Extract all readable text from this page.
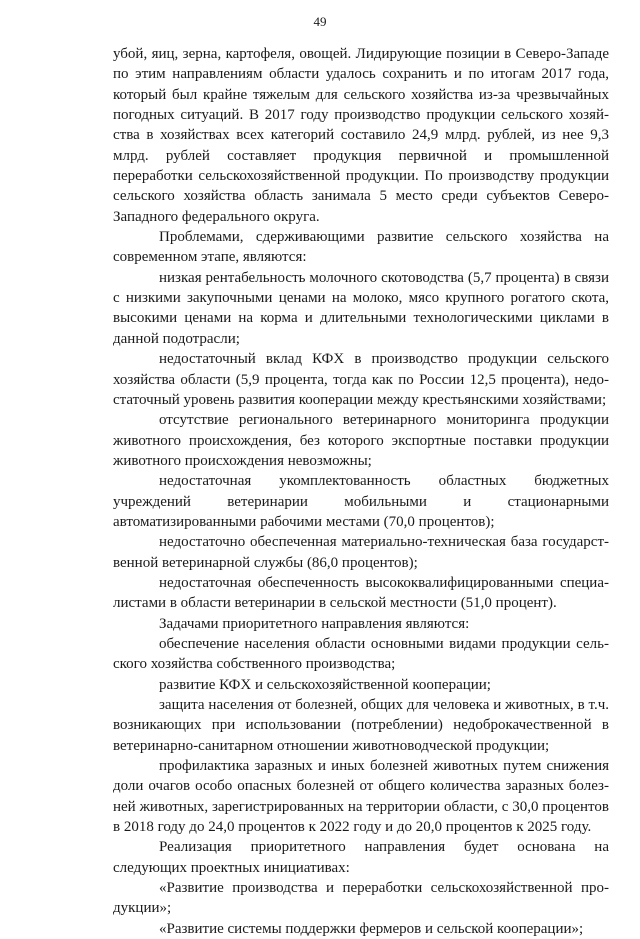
49

убой, яиц, зерна, картофеля, овощей. Лидирующие позиции в Северо-Западе по этим направлениям области удалось сохранить и по итогам 2017 года, который был крайне тяжелым для сельского хозяйства из-за чрезвычайных погодных ситуаций. В 2017 году производство продукции сельского хозяйства в хозяйствах всех категорий составило 24,9 млрд. рублей, из нее 9,3 млрд. рублей составляет продукция первичной и промышленной переработки сельскохозяйственной продукции. По производству продукции сельского хозяйства область занимала 5 место среди субъектов Северо-Западного федерального округа.

Проблемами, сдерживающими развитие сельского хозяйства на современном этапе, являются:

низкая рентабельность молочного скотоводства (5,7 процента) в связи с низкими закупочными ценами на молоко, мясо крупного рогатого скота, высокими ценами на корма и длительными технологическими циклами в данной подотрасли;

недостаточный вклад КФХ в производство продукции сельского хозяйства области (5,9 процента, тогда как по России 12,5 процента), недостаточный уровень развития кооперации между крестьянскими хозяйствами;

отсутствие регионального ветеринарного мониторинга продукции животного происхождения, без которого экспортные поставки продукции животного происхождения невозможны;

недостаточная укомплектованность областных бюджетных учреждений ветеринарии мобильными и стационарными автоматизированными рабочими местами (70,0 процентов);

недостаточно обеспеченная материально-техническая база государственной ветеринарной службы (86,0 процентов);

недостаточная обеспеченность высококвалифицированными специалистами в области ветеринарии в сельской местности (51,0 процент).

Задачами приоритетного направления являются:

обеспечение населения области основными видами продукции сельского хозяйства собственного производства;

развитие КФХ и сельскохозяйственной кооперации;

защита населения от болезней, общих для человека и животных, в т.ч. возникающих при использовании (потреблении) недоброкачественной в ветеринарно-санитарном отношении животноводческой продукции;

профилактика заразных и иных болезней животных путем снижения доли очагов особо опасных болезней от общего количества заразных болезней животных, зарегистрированных на территории области, с 30,0 процентов в 2018 году до 24,0 процентов к 2022 году и до 20,0 процентов к 2025 году.

Реализация приоритетного направления будет основана на следующих проектных инициативах:

«Развитие производства и переработки сельскохозяйственной продукции»;

«Развитие системы поддержки фермеров и сельской кооперации»;
